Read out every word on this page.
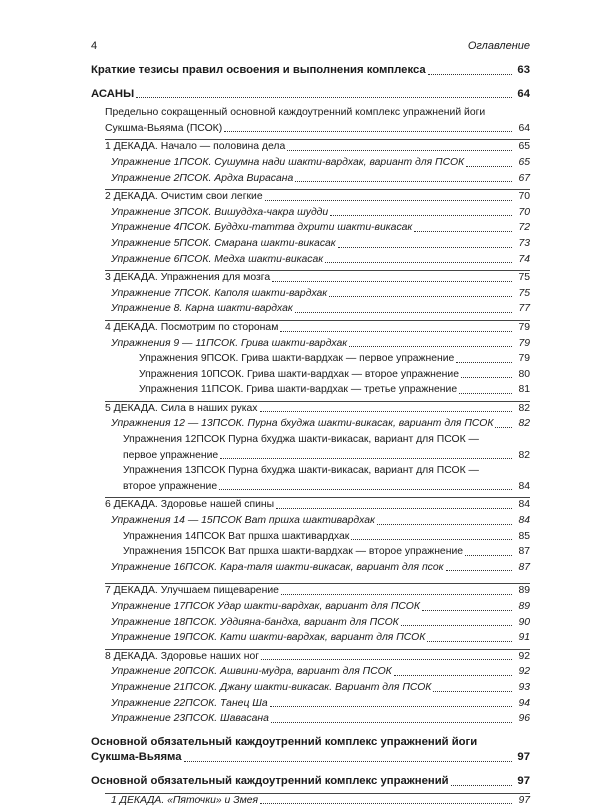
4	Оглавление
Краткие тезисы правил освоения и выполнения комплекса	63
АСАНЫ	64
Предельно сокращенный основной каждоутренний комплекс упражнений йоги
Сукшма-Вьяяма (ПСОК)	64
1 ДЕКАДА. Начало — половина дела	65
Упражнение 1ПСОК. Сушумна нади шакти-вардхак, вариант для ПСОК	65
Упражнение 2ПСОК. Ардха Вирасана	67
2 ДЕКАДА. Очистим свои легкие	70
Упражнение 3ПСОК. Вишуддха-чакра шудди	70
Упражнение 4ПСОК. Буддхи-таттва дхрити шакти-викасак	72
Упражнение 5ПСОК. Смарана шакти-викасак	73
Упражнение 6ПСОК. Медха шакти-викасак	74
3 ДЕКАДА. Упражнения для мозга	75
Упражнение 7ПСОК. Каполя шакти-вардхак	75
Упражнение 8. Карна шакти-вардхак	77
4 ДЕКАДА. Посмотрим по сторонам	79
Упражнения 9 — 11ПСОК. Грива шакти-вардхак	79
Упражнения 9ПСОК. Грива шакти-вардхак — первое упражнение	79
Упражнения 10ПСОК. Грива шакти-вардхак — второе упражнение	80
Упражнения 11ПСОК. Грива шакти-вардхак — третье упражнение	81
5 ДЕКАДА. Сила в наших руках	82
Упражнения 12 — 13ПСОК. Пурна бхуджа шакти-викасак, вариант для ПСОК	82
Упражнения 12ПСОК Пурна бхуджа шакти-викасак, вариант для ПСОК —
первое упражнение	82
Упражнения 13ПСОК Пурна бхуджа шакти-викасак, вариант для ПСОК —
второе упражнение	84
6 ДЕКАДА. Здоровье нашей спины	84
Упражнения 14 — 15ПСОК Ват пршха шактивардхак	84
Упражнения 14ПСОК Ват пршха шактивардхак	85
Упражнения 15ПСОК Ват пршха шакти-вардхак — второе упражнение	87
Упражнение 16ПСОК. Кара-таля шакти-викасак, вариант для псок	87
7 ДЕКАДА. Улучшаем пищеварение	89
Упражнение 17ПСОК Удар шакти-вардхак, вариант для ПСОК	89
Упражнение 18ПСОК. Уддияна-бандха, вариант для ПСОК	90
Упражнение 19ПСОК. Кати шакти-вардхак, вариант для ПСОК	91
8 ДЕКАДА. Здоровье наших ног	92
Упражнение 20ПСОК. Ашвини-мудра, вариант для ПСОК	92
Упражнение 21ПСОК. Джану шакти-викасак. Вариант для ПСОК	93
Упражнение 22ПСОК. Танец Ша	94
Упражнение 23ПСОК. Шавасана	96
Основной обязательный каждоутренний комплекс упражнений йоги
Сукшма-Вьяяма	97
Основной обязательный каждоутренний комплекс упражнений	97
1 ДЕКАДА. «Пяточки» и Змея	97
